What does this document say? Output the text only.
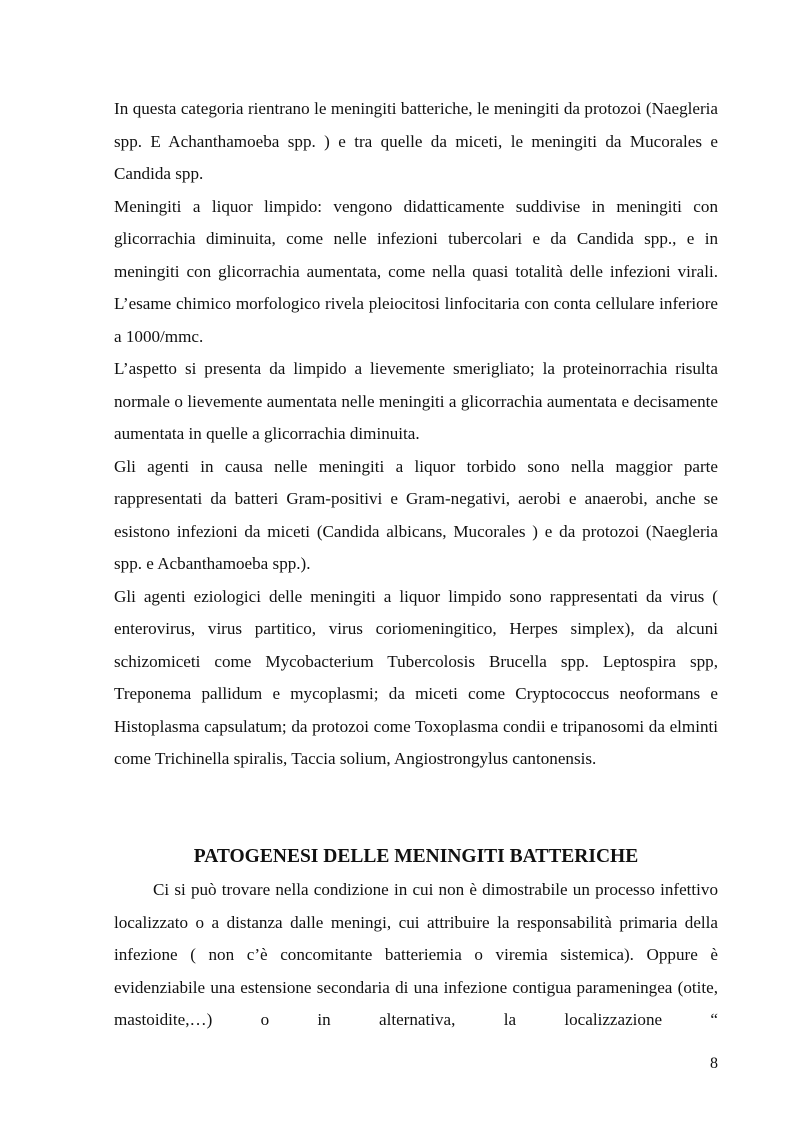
In questa categoria rientrano le meningiti batteriche, le meningiti da protozoi (Naegleria spp. E Achanthamoeba spp. ) e tra quelle da miceti, le meningiti da Mucorales e Candida spp.

Meningiti a liquor limpido: vengono didatticamente suddivise in meningiti con glicorrachia diminuita, come nelle infezioni tubercolari e da Candida spp., e in meningiti con glicorrachia aumentata, come nella quasi totalità delle infezioni virali. L’esame chimico morfologico rivela pleiocitosi linfocitaria con conta cellulare inferiore a 1000/mmc.

L’aspetto si presenta da limpido a lievemente smerigliato; la proteinorrachia risulta normale o lievemente aumentata nelle meningiti a glicorrachia aumentata e decisamente aumentata in quelle a glicorrachia diminuita.

Gli agenti in causa nelle meningiti a liquor torbido sono nella maggior parte rappresentati da batteri Gram-positivi e Gram-negativi, aerobi e anaerobi, anche se esistono infezioni da miceti (Candida albicans, Mucorales ) e da protozoi (Naegleria spp. e Acbanthamoeba spp.).

Gli agenti eziologici delle meningiti a liquor limpido sono rappresentati da virus ( enterovirus, virus partitico, virus coriomeningitico, Herpes simplex), da alcuni schizomiceti come Mycobacterium Tubercolosis Brucella spp. Leptospira spp, Treponema pallidum e mycoplasmi; da miceti come Cryptococcus neoformans e Histoplasma capsulatum; da protozoi come Toxoplasma condii e tripanosomi da elminti come Trichinella spiralis, Taccia solium, Angiostrongylus cantonensis.

PATOGENESI DELLE MENINGITI BATTERICHE

Ci si può trovare nella condizione in cui non è dimostrabile un processo infettivo localizzato o a distanza dalle meningi, cui attribuire la responsabilità primaria della infezione ( non c’è concomitante batteriemia o viremia sistemica). Oppure è evidenziabile una estensione secondaria di una infezione contigua parameningea (otite, mastoidite,…) o in alternativa, la localizzazione “

8
